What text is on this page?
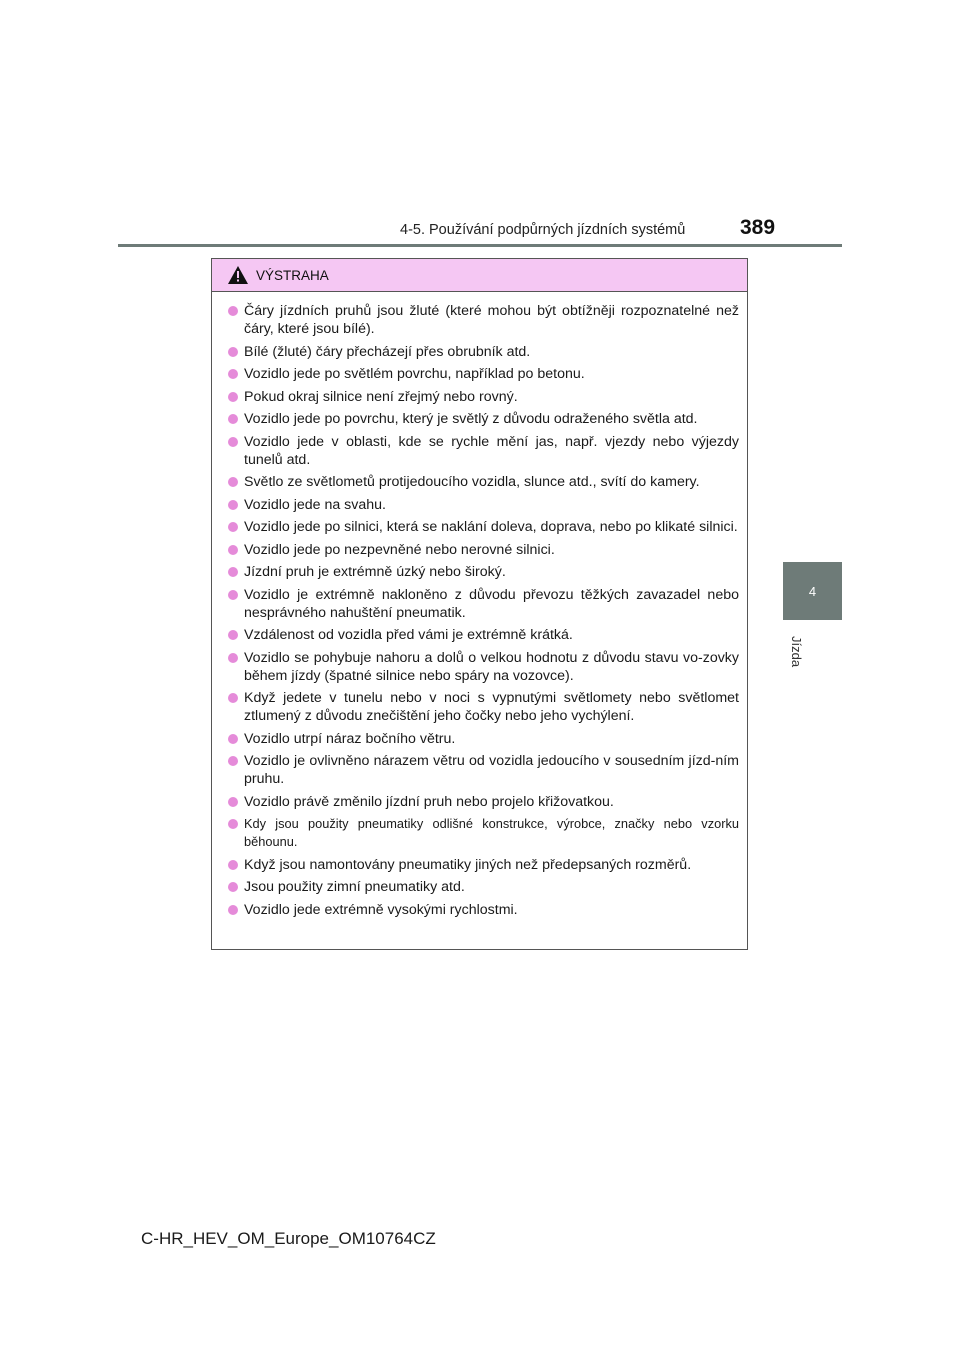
4-5. Používání podpůrných jízdních systémů	389
4
Jízda
VÝSTRAHA
Čáry jízdních pruhů jsou žluté (které mohou být obtížněji rozpoznatelné než čáry, které jsou bílé).
Bílé (žluté) čáry přecházejí přes obrubník atd.
Vozidlo jede po světlém povrchu, například po betonu.
Pokud okraj silnice není zřejmý nebo rovný.
Vozidlo jede po povrchu, který je světlý z důvodu odraženého světla atd.
Vozidlo jede v oblasti, kde se rychle mění jas, např. vjezdy nebo výjezdy tunelů atd.
Světlo ze světlometů protijedoucího vozidla, slunce atd., svítí do kamery.
Vozidlo jede na svahu.
Vozidlo jede po silnici, která se naklání doleva, doprava, nebo po klikaté silnici.
Vozidlo jede po nezpevněné nebo nerovné silnici.
Jízdní pruh je extrémně úzký nebo široký.
Vozidlo je extrémně nakloněno z důvodu převozu těžkých zavazadel nebo nesprávného nahuštění pneumatik.
Vzdálenost od vozidla před vámi je extrémně krátká.
Vozidlo se pohybuje nahoru a dolů o velkou hodnotu z důvodu stavu vo-zovky během jízdy (špatné silnice nebo spáry na vozovce).
Když jedete v tunelu nebo v noci s vypnutými světlomety nebo světlomet ztlumený z důvodu znečištění jeho čočky nebo jeho vychýlení.
Vozidlo utrpí náraz bočního větru.
Vozidlo je ovlivněno nárazem větru od vozidla jedoucího v sousedním jízd-ním pruhu.
Vozidlo právě změnilo jízdní pruh nebo projelo křižovatkou.
Kdy jsou použity pneumatiky odlišné konstrukce, výrobce, značky nebo vzorku běhounu.
Když jsou namontovány pneumatiky jiných než předepsaných rozměrů.
Jsou použity zimní pneumatiky atd.
Vozidlo jede extrémně vysokými rychlostmi.
C-HR_HEV_OM_Europe_OM10764CZ
